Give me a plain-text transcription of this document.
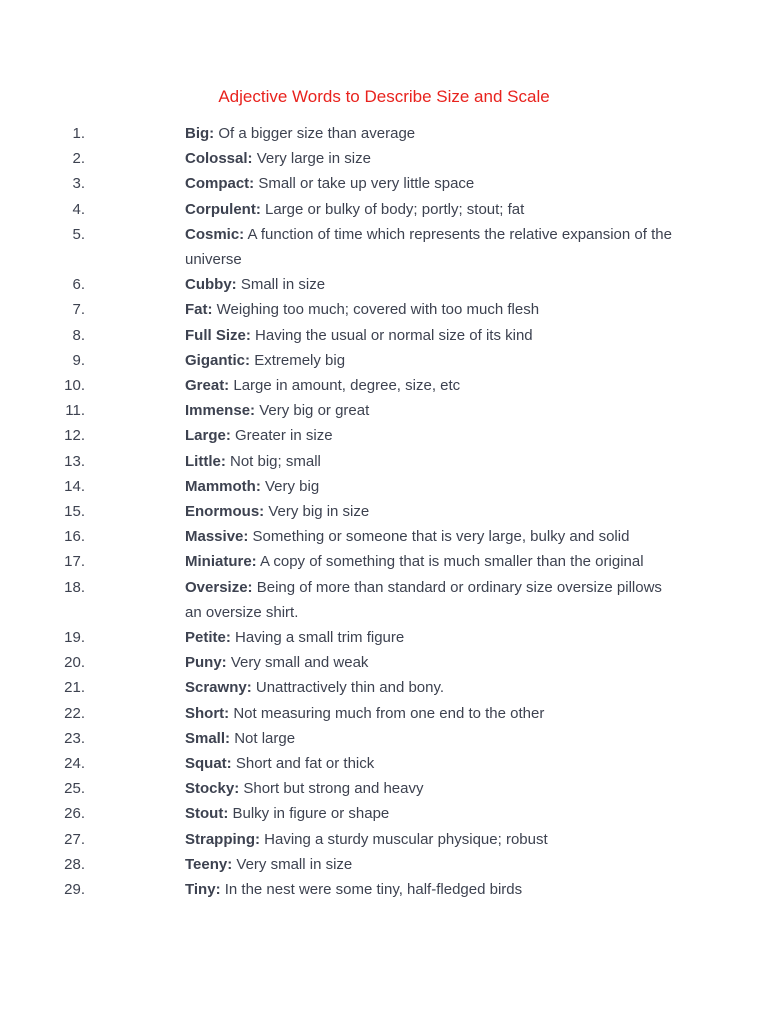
Adjective Words to Describe Size and Scale
1.	Big: Of a bigger size than average
2.	Colossal: Very large in size
3.	Compact: Small or take up very little space
4.	Corpulent: Large or bulky of body; portly; stout; fat
5.	Cosmic: A function of time which represents the relative expansion of the universe
6.	Cubby: Small in size
7.	Fat: Weighing too much; covered with too much flesh
8.	Full Size: Having the usual or normal size of its kind
9.	Gigantic: Extremely big
10.	Great: Large in amount, degree, size, etc
11.	Immense: Very big or great
12.	Large: Greater in size
13.	Little: Not big; small
14.	Mammoth: Very big
15.	Enormous: Very big in size
16.	Massive: Something or someone that is very large, bulky and solid
17.	Miniature: A copy of something that is much smaller than the original
18.	Oversize: Being of more than standard or ordinary size oversize pillows an oversize shirt.
19.	Petite: Having a small trim figure
20.	Puny: Very small and weak
21.	Scrawny: Unattractively thin and bony.
22.	Short: Not measuring much from one end to the other
23.	Small: Not large
24.	Squat: Short and fat or thick
25.	Stocky: Short but strong and heavy
26.	Stout: Bulky in figure or shape
27.	Strapping: Having a sturdy muscular physique; robust
28.	Teeny: Very small in size
29.	Tiny: In the nest were some tiny, half-fledged birds
